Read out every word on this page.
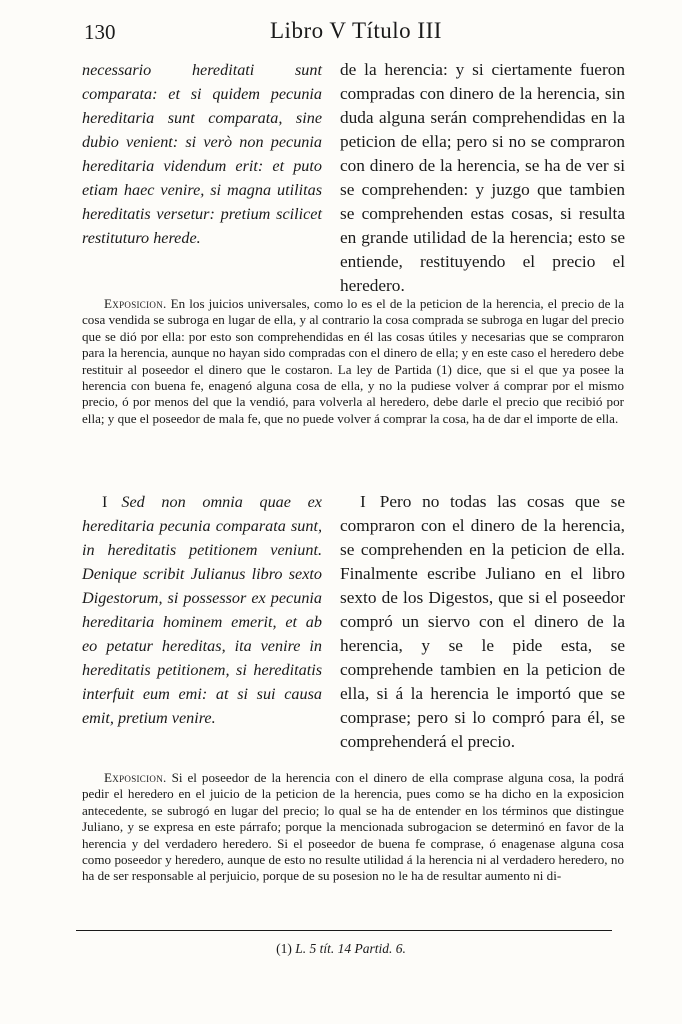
130	Libro V Título III

necessario hereditati sunt comparata: et si quidem pecunia hereditaria sunt comparata, sine dubio venient: si verò non pecunia hereditaria videndum erit: et puto etiam haec venire, si magna utilitas hereditatis versetur: pretium scilicet restituturo herede.

de la herencia: y si ciertamente fueron compradas con dinero de la herencia, sin duda alguna serán comprehendidas en la peticion de ella; pero si no se compraron con dinero de la herencia, se ha de ver si se comprehenden: y juzgo que tambien se comprehenden estas cosas, si resulta en grande utilidad de la herencia; esto se entiende, restituyendo el precio el heredero.

Exposicion. En los juicios universales, como lo es el de la peticion de la herencia, el precio de la cosa vendida se subroga en lugar de ella, y al contrario la cosa comprada se subroga en lugar del precio que se dió por ella: por esto son comprehendidas en él las cosas útiles y necesarias que se compraron para la herencia, aunque no hayan sido compradas con el dinero de ella; y en este caso el heredero debe restituir al poseedor el dinero que le costaron. La ley de Partida (1) dice, que si el que ya posee la herencia con buena fe, enagenó alguna cosa de ella, y no la pudiese volver á comprar por el mismo precio, ó por menos del que la vendió, para volverla al heredero, debe darle el precio que recibió por ella; y que el poseedor de mala fe, que no puede volver á comprar la cosa, ha de dar el importe de ella.

I Sed non omnia quae ex hereditaria pecunia comparata sunt, in hereditatis petitionem veniunt. Denique scribit Julianus libro sexto Digestorum, si possessor ex pecunia hereditaria hominem emerit, et ab eo petatur hereditas, ita venire in hereditatis petitionem, si hereditatis interfuit eum emi: at si sui causa emit, pretium venire.

I Pero no todas las cosas que se compraron con el dinero de la herencia, se comprehenden en la peticion de ella. Finalmente escribe Juliano en el libro sexto de los Digestos, que si el poseedor compró un siervo con el dinero de la herencia, y se le pide esta, se comprehende tambien en la peticion de ella, si á la herencia le importó que se comprase; pero si lo compró para él, se comprehenderá el precio.

Exposicion. Si el poseedor de la herencia con el dinero de ella comprase alguna cosa, la podrá pedir el heredero en el juicio de la peticion de la herencia, pues como se ha dicho en la exposicion antecedente, se subrogó en lugar del precio; lo qual se ha de entender en los términos que distingue Juliano, y se expresa en este párrafo; porque la mencionada subrogacion se determinó en favor de la herencia y del verdadero heredero. Si el poseedor de buena fe comprase, ó enagenase alguna cosa como poseedor y heredero, aunque de esto no resulte utilidad á la herencia ni al verdadero heredero, no ha de ser responsable al perjuicio, porque de su posesion no le ha de resultar aumento ni di-

(1) L. 5 tít. 14 Partid. 6.
